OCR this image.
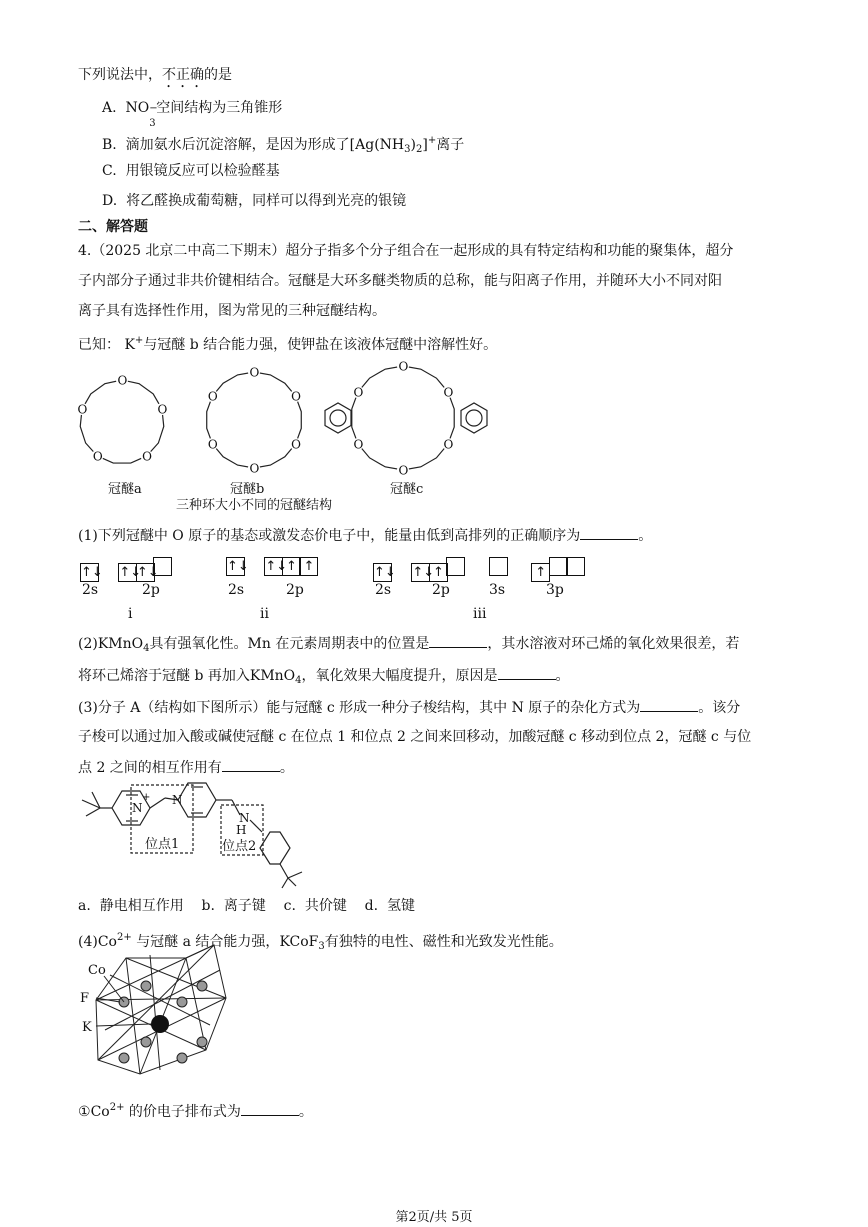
下列说法中，不正确的是
A. NO −
3
空间结构为三角锥形
B. 滴加氨水后沉淀溶解，是因为形成了$[Ag(NH_3)_2]^+$离子
C. 用银镜反应可以检验醛基
D. 将乙醛换成葡萄糖，同样可以得到光亮的银镜
二、解答题
4.（2025 北京二中高二下期末）超分子指多个分子组合在一起形成的具有特定结构和功能的聚集体，超分
子内部分子通过非共价键相结合。冠醚是大环多醚类物质的总称，能与阳离子作用，并随环大小不同对阳
离子具有选择性作用，图为常见的三种冠醚结构。
已知： K+与冠醚 b 结合能力强，使钾盐在该液体冠醚中溶解性好。
O
O
O
O
O
O
O
O
O
O
O
O
O
O
O
O
O
冠醚a	冠醚b	冠醚c
三种环大小不同的冠醚结构
(1)下列冠醚中 O 原子的基态或激发态价电子中，能量由低到高排列的正确顺序为	。
↑↓ ↑↓↑↓
2s	2p
i
↑↓ ↑↓↑ ↑
2s	2p
ii
↑↓ ↑↓↑	↑
2s	2p	3s	3p
iii
(2)KMnO$_4$具有强氧化性。Mn 在元素周期表中的位置是	，其水溶液对环己烯的氧化效果很差，若
将环己烯溶于冠醚 b 再加入KMnO$_4$，氧化效果大幅度提升，原因是	。
(3)分子 A（结构如下图所示）能与冠醚 c 形成一种分子梭结构，其中 N 原子的杂化方式为	。该分
子梭可以通过加入酸或碱使冠醚 c 在位点 1 和位点 2 之间来回移动，加酸冠醚 c 移动到位点 2，冠醚 c 与位
点 2 之间的相互作用有	。
N
+ N
N
H
位点1	位点2
a. 静电相互作用 b. 离子键 c. 共价键 d. 氢键
$(4)Co^{2+}$ 与冠醚 a 结合能力强，KCoF$_3$有独特的电性、磁性和光致发光性能。
Co
F
K
$①Co^{2+}$ 的价电子排布式为	。
第2页/共 5页
